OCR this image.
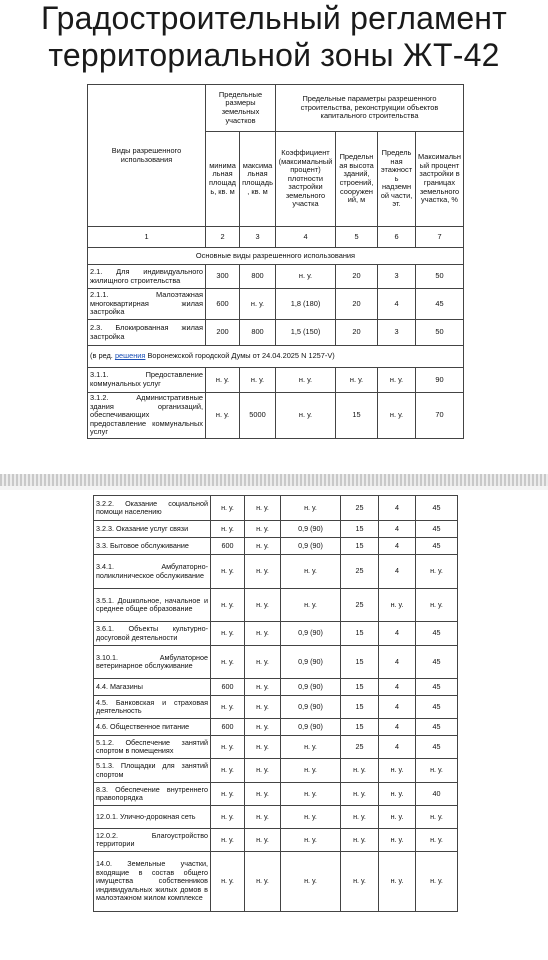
Градостроительный регламент
территориальной зоны ЖТ-42
Виды разрешенного использования	Предельные размеры земельных участков		Предельные параметры разрешенного строительства, реконструкции объектов капитального строительства			
	минимальная площадь, кв. м	максимальная площадь, кв. м	Коэффициент (максимальный процент) плотности застройки земельного участка	Предельная высота зданий, строений, сооружений, м	Предельная этажность надземной части, эт.	Максимальный процент застройки в границах земельного участка, %
1	2	3	4	5	6	7
Основные виды разрешенного использования						
2.1. Для индивидуального жилищного строительства	300	800	н. у.	20	3	50
2.1.1. Малоэтажная многоквартирная жилая застройка	600	н. у.	1,8 (180)	20	4	45
2.3. Блокированная жилая застройка	200	800	1,5 (150)	20	3	50
(в ред. решения Воронежской городской Думы от 24.04.2025 N 1257-V)						
3.1.1. Предоставление коммунальных услуг	н. у.	н. у.	н. у.	н. у.	н. у.	90
3.1.2. Административные здания организаций, обеспечивающих предоставление коммунальных услуг	н. у.	5000	н. у.	15	н. у.	70
3.2.2. Оказание социальной помощи населению	н. у.	н. у.	н. у.	25	4	45
3.2.3. Оказание услуг связи	н. у.	н. у.	0,9 (90)	15	4	45
3.3. Бытовое обслуживание	600	н. у.	0,9 (90)	15	4	45
3.4.1. Амбулаторно-поликлиническое обслуживание	н. у.	н. у.	н. у.	25	4	н. у.
3.5.1. Дошкольное, начальное и среднее общее образование	н. у.	н. у.	н. у.	25	н. у.	н. у.
3.6.1. Объекты культурно-досуговой деятельности	н. у.	н. у.	0,9 (90)	15	4	45
3.10.1. Амбулаторное ветеринарное обслуживание	н. у.	н. у.	0,9 (90)	15	4	45
4.4. Магазины	600	н. у.	0,9 (90)	15	4	45
4.5. Банковская и страховая деятельность	н. у.	н. у.	0,9 (90)	15	4	45
4.6. Общественное питание	600	н. у.	0,9 (90)	15	4	45
5.1.2. Обеспечение занятий спортом в помещениях	н. у.	н. у.	н. у.	25	4	45
5.1.3. Площадки для занятий спортом	н. у.	н. у.	н. у.	н. у.	н. у.	н. у.
8.3. Обеспечение внутреннего правопорядка	н. у.	н. у.	н. у.	н. у.	н. у.	40
12.0.1. Улично-дорожная сеть	н. у.	н. у.	н. у.	н. у.	н. у.	н. у.
12.0.2. Благоустройство территории	н. у.	н. у.	н. у.	н. у.	н. у.	н. у.
14.0. Земельные участки, входящие в состав общего имущества собственников индивидуальных жилых домов в малоэтажном жилом комплексе	н. у.	н. у.	н. у.	н. у.	н. у.	н. у.
